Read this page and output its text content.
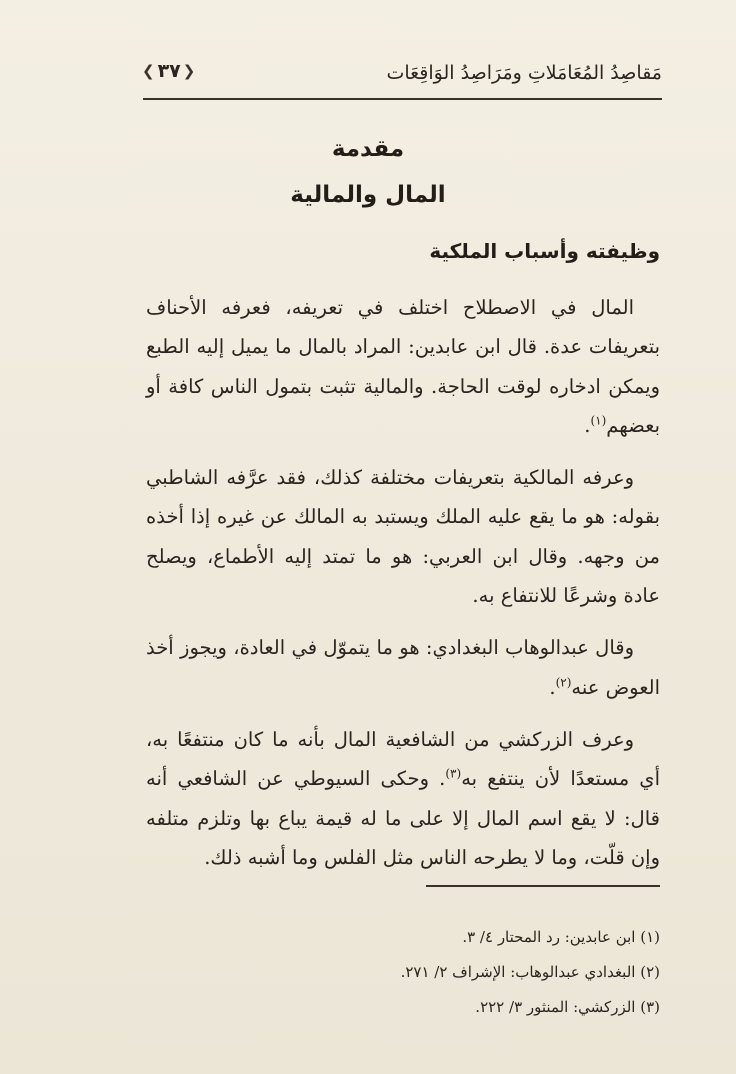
مَقاصِدُ المُعَامَلاتِ ومَرَاصِدُ الوَاقِعَات
❮ ٣٧ ❯
مقدمة
المال والمالية
وظيفته وأسباب الملكية

المال في الاصطلاح اختلف في تعريفه، فعرفه الأحناف بتعريفات عدة. قال ابن عابدين: المراد بالمال ما يميل إليه الطبع ويمكن ادخاره لوقت الحاجة. والمالية تثبت بتمول الناس كافة أو بعضهم$^{(١)}$.

وعرفه المالكية بتعريفات مختلفة كذلك، فقد عرَّفه الشاطبي بقوله: هو ما يقع عليه الملك ويستبد به المالك عن غيره إذا أخذه من وجهه. وقال ابن العربي: هو ما تمتد إليه الأطماع، ويصلح عادة وشرعًا للانتفاع به.

وقال عبدالوهاب البغدادي: هو ما يتموّل في العادة، ويجوز أخذ العوض عنه$^{(٢)}$.

وعرف الزركشي من الشافعية المال بأنه ما كان منتفعًا به، أي مستعدًا لأن ينتفع به$^{(٣)}$. وحكى السيوطي عن الشافعي أنه قال: لا يقع اسم المال إلا على ما له قيمة يباع بها وتلزم متلفه وإن قلّت، وما لا يطرحه الناس مثل الفلس وما أشبه ذلك.

(١) ابن عابدين: رد المحتار ٤/ ٣.
(٢) البغدادي عبدالوهاب: الإشراف ٢/ ٢٧١.
(٣) الزركشي: المنثور ٣/ ٢٢٢.
